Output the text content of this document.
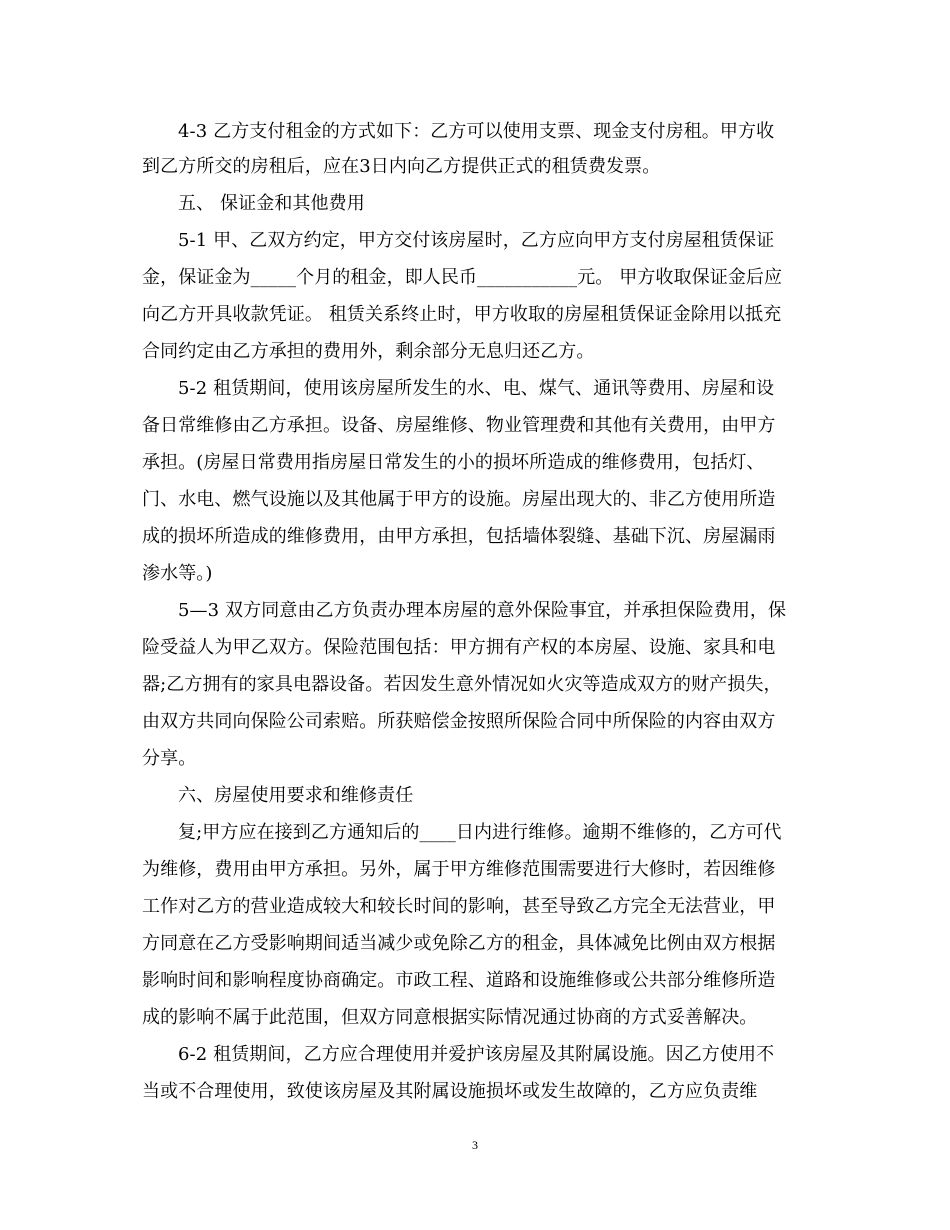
4-3 乙方支付租金的方式如下：乙方可以使用支票、现金支付房租。甲方收
到乙方所交的房租后，应在3日内向乙方提供正式的租赁费发票。
五、 保证金和其他费用
5-1 甲、乙双方约定，甲方交付该房屋时，乙方应向甲方支付房屋租赁保证
金，保证金为_____个月的租金，即人民币___________元。 甲方收取保证金后应
向乙方开具收款凭证。 租赁关系终止时，甲方收取的房屋租赁保证金除用以抵充
合同约定由乙方承担的费用外，剩余部分无息归还乙方。
5-2 租赁期间，使用该房屋所发生的水、电、煤气、通讯等费用、房屋和设
备日常维修由乙方承担。设备、房屋维修、物业管理费和其他有关费用，由甲方
承担。(房屋日常费用指房屋日常发生的小的损坏所造成的维修费用，包括灯、
门、水电、燃气设施以及其他属于甲方的设施。房屋出现大的、非乙方使用所造
成的损坏所造成的维修费用，由甲方承担，包括墙体裂缝、基础下沉、房屋漏雨
渗水等。)
5—3 双方同意由乙方负责办理本房屋的意外保险事宜，并承担保险费用，保
险受益人为甲乙双方。保险范围包括：甲方拥有产权的本房屋、设施、家具和电
器;乙方拥有的家具电器设备。若因发生意外情况如火灾等造成双方的财产损失，
由双方共同向保险公司索赔。所获赔偿金按照所保险合同中所保险的内容由双方
分享。
六、房屋使用要求和维修责任
复;甲方应在接到乙方通知后的____日内进行维修。逾期不维修的，乙方可代
为维修，费用由甲方承担。另外，属于甲方维修范围需要进行大修时，若因维修
工作对乙方的营业造成较大和较长时间的影响，甚至导致乙方完全无法营业，甲
方同意在乙方受影响期间适当减少或免除乙方的租金，具体减免比例由双方根据
影响时间和影响程度协商确定。市政工程、道路和设施维修或公共部分维修所造
成的影响不属于此范围，但双方同意根据实际情况通过协商的方式妥善解决。
6-2 租赁期间，乙方应合理使用并爱护该房屋及其附属设施。因乙方使用不
当或不合理使用，致使该房屋及其附属设施损坏或发生故障的，乙方应负责维
3
